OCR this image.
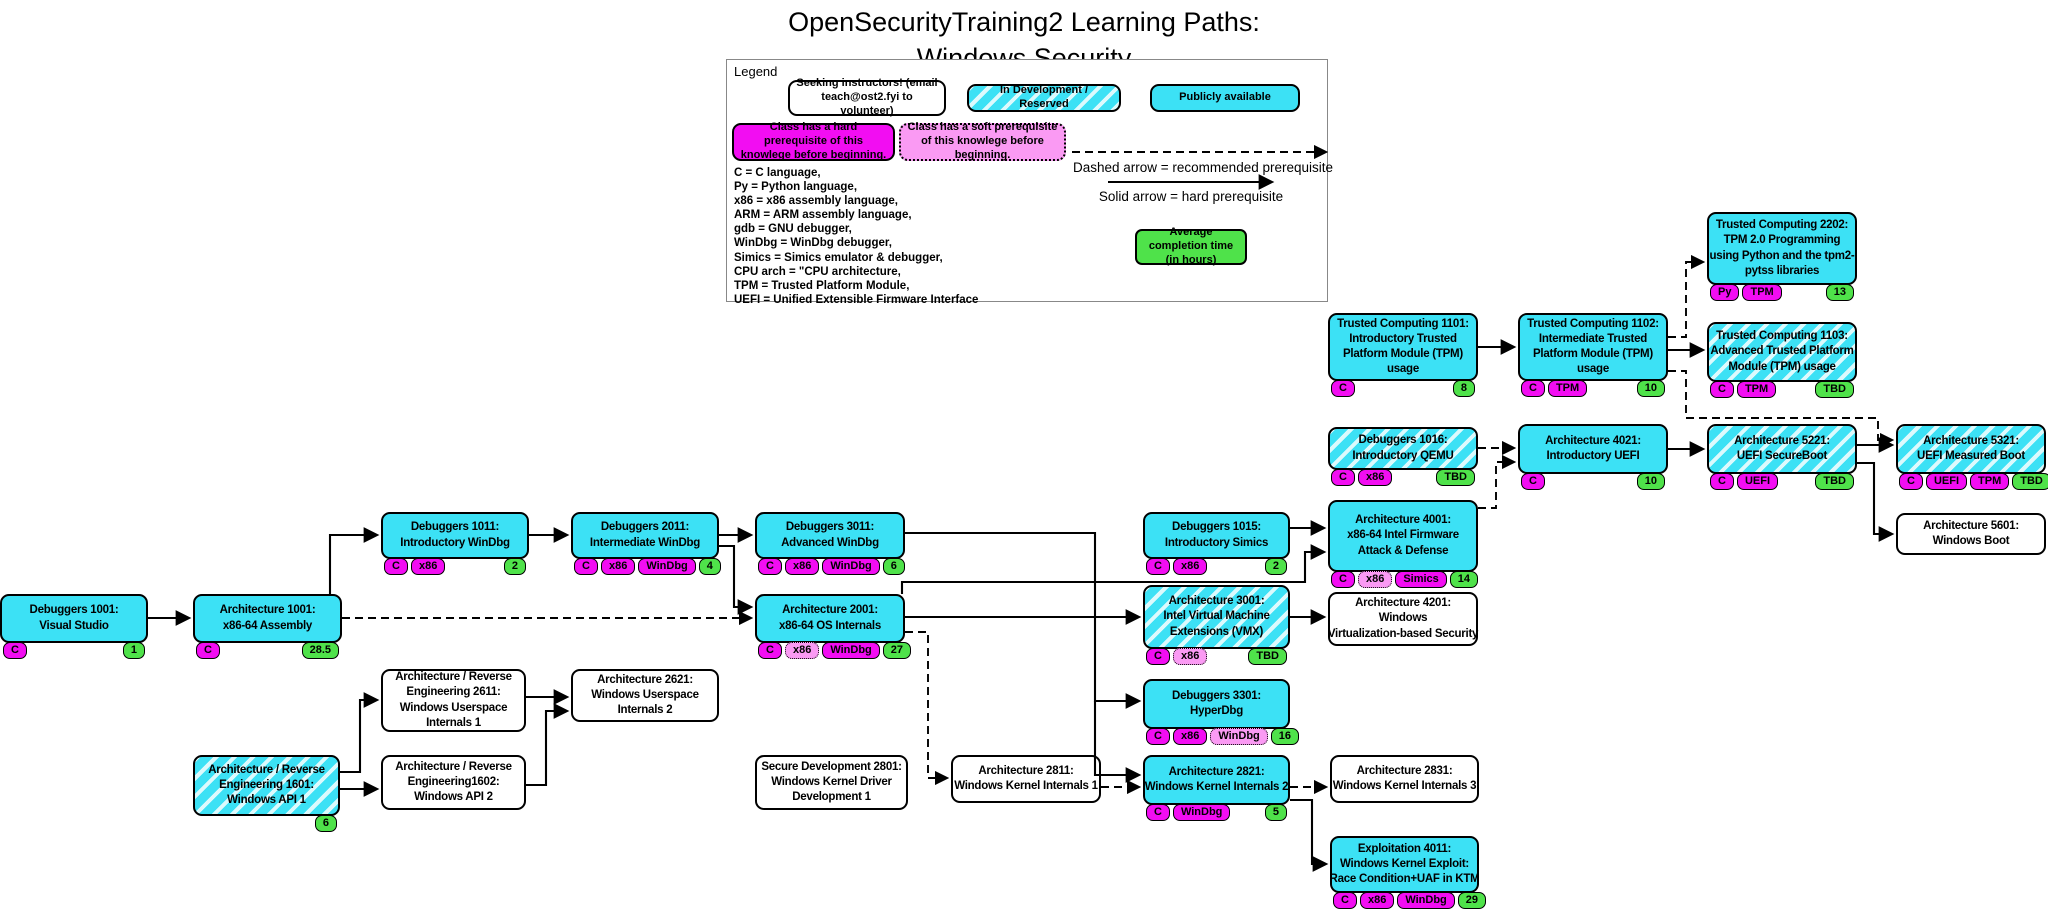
OpenSecurityTraining2 Learning Paths:
Legend
Seeking instructors! (email teach@ost2.fyi to volunteer)
In Development / Reserved
Publicly available
Class has a hard prerequisite of this knowlege before beginning.
Class has a soft prerequisite of this knowlege before beginning.
Dashed arrow = recommended prerequisite
Solid arrow = hard prerequisite
Average completion time (in hours)
C = C language,
Py = Python language,
x86 = x86 assembly language,
ARM = ARM assembly language,
gdb = GNU debugger,
WinDbg = WinDbg debugger,
Simics = Simics emulator & debugger,
CPU arch = "CPU architecture,
TPM = Trusted Platform Module,
UEFI = Unified Extensible Firmware Interface
Debuggers 1001:
Visual Studio
C	1
Architecture 1001:
x86-64 Assembly
C	28.5
Debuggers 1011:
Introductory WinDbg
C	x86	2
Debuggers 2011:
Intermediate WinDbg
C	x86	WinDbg	4
Debuggers 3011:
Advanced WinDbg
C	x86	WinDbg	6
Architecture 2001:
x86-64 OS Internals
C	x86	WinDbg	27
Debuggers 1015:
Introductory Simics
C	x86	2
Architecture 4001:
x86-64 Intel Firmware
Attack & Defense
C	x86	Simics	14
Architecture 3001:
Intel Virtual Machine
Extensions (VMX)
C	x86	TBD
Architecture 4201:
Windows
Virtualization-based Security
Debuggers 3301:
HyperDbg
C	x86	WinDbg	16
Architecture / Reverse
Engineering 1601:
Windows API 1
6
Architecture / Reverse
Engineering 2611:
Windows Userspace
Internals 1
Architecture / Reverse
Engineering1602:
Windows API 2
Architecture 2621:
Windows Userspace
Internals 2
Secure Development 2801:
Windows Kernel Driver
Development 1
Architecture 2811:
Windows Kernel Internals 1
Architecture 2821:
Windows Kernel Internals 2
C	WinDbg	5
Architecture 2831:
Windows Kernel Internals 3
Exploitation 4011:
Windows Kernel Exploit:
Race Condition+UAF in KTM
C	x86	WinDbg	29
Trusted Computing 1101:
Introductory Trusted
Platform Module (TPM)
usage
C	8
Trusted Computing 1102:
Intermediate Trusted
Platform Module (TPM)
usage
C	TPM	10
Trusted Computing 1103:
Advanced Trusted Platform
Module (TPM) usage
C	TPM	TBD
Trusted Computing 2202:
TPM 2.0 Programming
using Python and the tpm2-
pytss libraries
Py	TPM	13
Debuggers 1016:
Introductory QEMU
C	x86	TBD
Architecture 4021:
Introductory UEFI
C	10
Architecture 5221:
UEFI SecureBoot
C	UEFI	TBD
Architecture 5321:
UEFI Measured Boot
C	UEFI	TPM	TBD
Architecture 5601:
Windows Boot
